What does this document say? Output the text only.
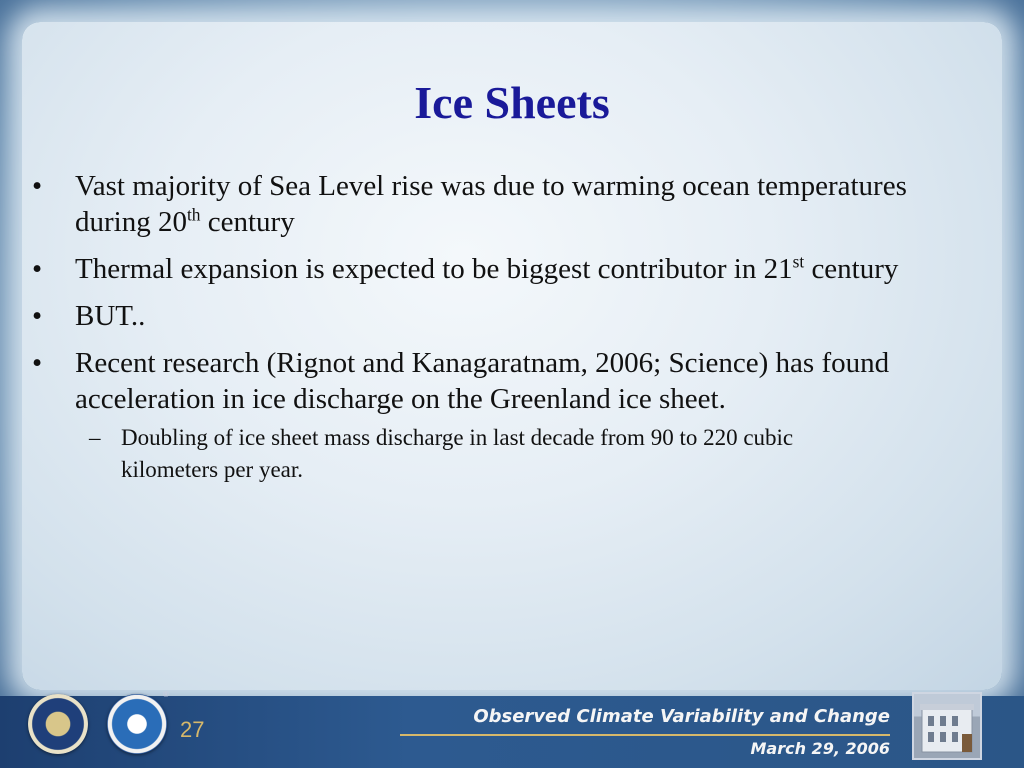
Ice Sheets
• Vast majority of Sea Level rise was due to warming ocean temperatures during 20th century
• Thermal expansion is expected to be biggest contributor in 21st century
• BUT..
• Recent research (Rignot and Kanagaratnam, 2006; Science) has found acceleration in ice discharge on the Greenland ice sheet.
– Doubling of ice sheet mass discharge in last decade from 90 to 220 cubic kilometers per year.
®
27
Observed Climate Variability and Change
March 29, 2006
